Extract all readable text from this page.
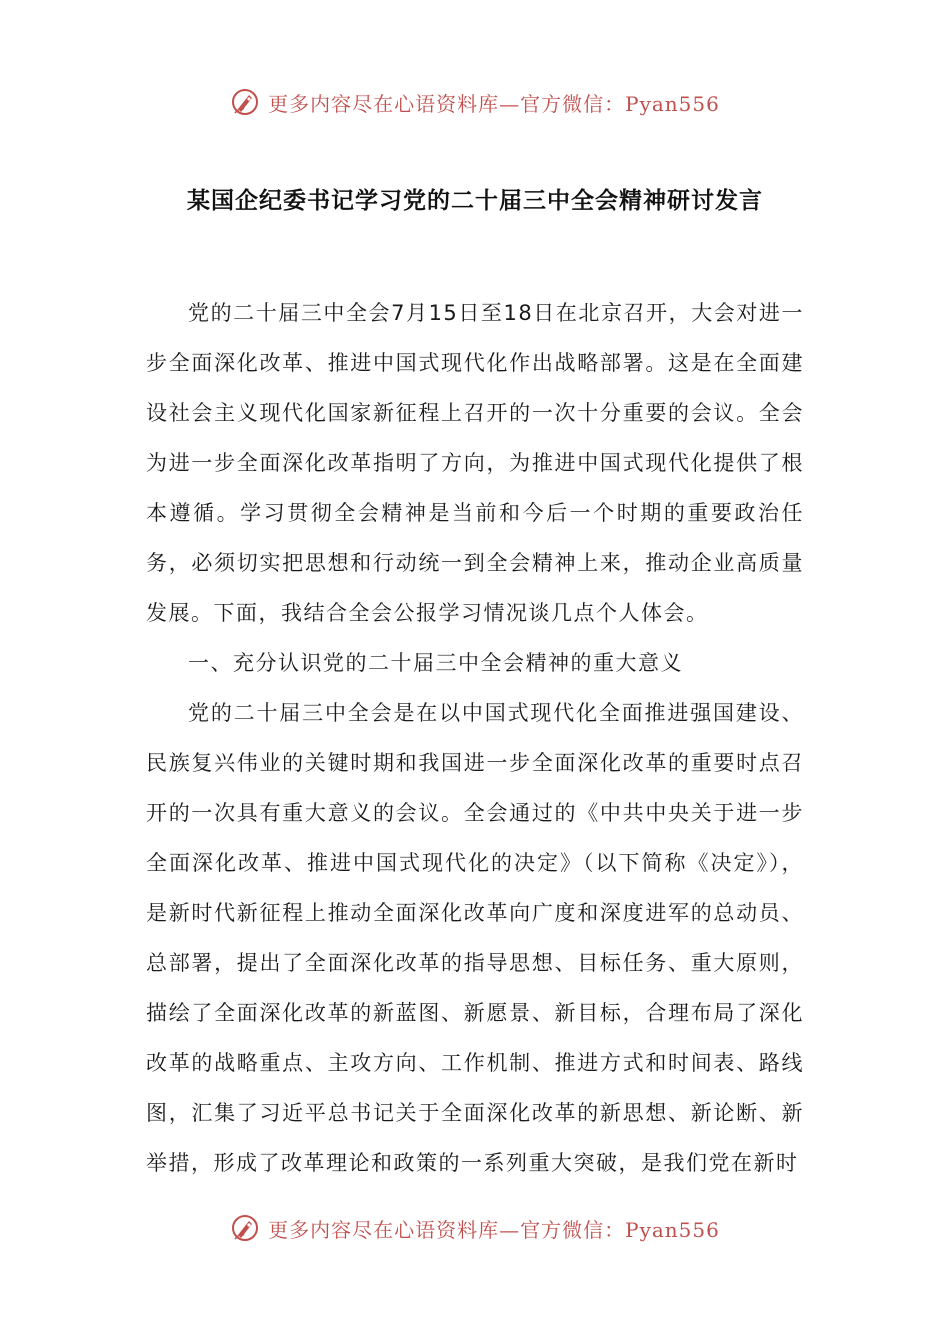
更多内容尽在心语资料库—官方微信：Pyan556
某国企纪委书记学习党的二十届三中全会精神研讨发言

党的二十届三中全会7月15日至18日在北京召开，大会对进一步全面深化改革、推进中国式现代化作出战略部署。这是在全面建设社会主义现代化国家新征程上召开的一次十分重要的会议。全会为进一步全面深化改革指明了方向，为推进中国式现代化提供了根本遵循。学习贯彻全会精神是当前和今后一个时期的重要政治任务，必须切实把思想和行动统一到全会精神上来，推动企业高质量发展。下面，我结合全会公报学习情况谈几点个人体会。

一、充分认识党的二十届三中全会精神的重大意义

党的二十届三中全会是在以中国式现代化全面推进强国建设、民族复兴伟业的关键时期和我国进一步全面深化改革的重要时点召开的一次具有重大意义的会议。全会通过的《中共中央关于进一步全面深化改革、推进中国式现代化的决定》（以下简称《决定》），是新时代新征程上推动全面深化改革向广度和深度进军的总动员、总部署，提出了全面深化改革的指导思想、目标任务、重大原则，描绘了全面深化改革的新蓝图、新愿景、新目标，合理布局了深化改革的战略重点、主攻方向、工作机制、推进方式和时间表、路线图，汇集了习近平总书记关于全面深化改革的新思想、新论断、新举措，形成了改革理论和政策的一系列重大突破，是我们党在新时

更多内容尽在心语资料库—官方微信：Pyan556
